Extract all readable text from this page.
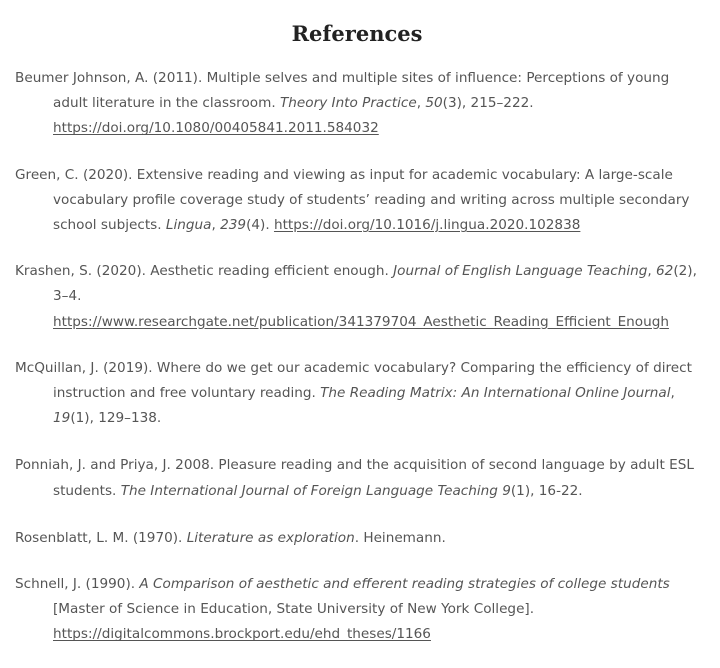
References

Beumer Johnson, A. (2011). Multiple selves and multiple sites of influence: Perceptions of young adult literature in the classroom. Theory Into Practice, 50(3), 215–222. https://doi.org/10.1080/00405841.2011.584032

Green, C. (2020). Extensive reading and viewing as input for academic vocabulary: A large-scale vocabulary profile coverage study of students’ reading and writing across multiple secondary school subjects. Lingua, 239(4). https://doi.org/10.1016/j.lingua.2020.102838

Krashen, S. (2020). Aesthetic reading efficient enough. Journal of English Language Teaching, 62(2), 3–4. https://www.researchgate.net/publication/341379704_Aesthetic_Reading_Efficient_Enough

McQuillan, J. (2019). Where do we get our academic vocabulary? Comparing the efficiency of direct instruction and free voluntary reading. The Reading Matrix: An International Online Journal, 19(1), 129–138.

Ponniah, J. and Priya, J. 2008. Pleasure reading and the acquisition of second language by adult ESL students. The International Journal of Foreign Language Teaching 9(1), 16-22.

Rosenblatt, L. M. (1970). Literature as exploration. Heinemann.

Schnell, J. (1990). A Comparison of aesthetic and efferent reading strategies of college students [Master of Science in Education, State University of New York College]. https://digitalcommons.brockport.edu/ehd_theses/1166
